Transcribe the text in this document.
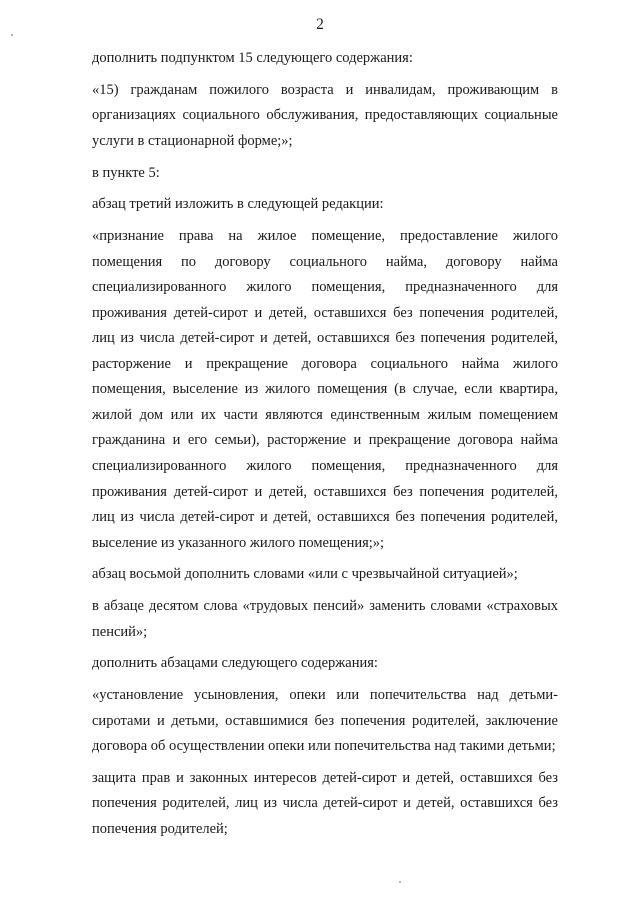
2

дополнить подпунктом 15 следующего содержания:

«15) гражданам пожилого возраста и инвалидам, проживающим в организациях социального обслуживания, предоставляющих социальные услуги в стационарной форме;»;

в пункте 5:

абзац третий изложить в следующей редакции:

«признание права на жилое помещение, предоставление жилого помещения по договору социального найма, договору найма специализированного жилого помещения, предназначенного для проживания детей-сирот и детей, оставшихся без попечения родителей, лиц из числа детей-сирот и детей, оставшихся без попечения родителей, расторжение и прекращение договора социального найма жилого помещения, выселение из жилого помещения (в случае, если квартира, жилой дом или их части являются единственным жилым помещением гражданина и его семьи), расторжение и прекращение договора найма специализированного жилого помещения, предназначенного для проживания детей-сирот и детей, оставшихся без попечения родителей, лиц из числа детей-сирот и детей, оставшихся без попечения родителей, выселение из указанного жилого помещения;»;

абзац восьмой дополнить словами «или с чрезвычайной ситуацией»;

в абзаце десятом слова «трудовых пенсий» заменить словами «страховых пенсий»;

дополнить абзацами следующего содержания:

«установление усыновления, опеки или попечительства над детьми-сиротами и детьми, оставшимися без попечения родителей, заключение договора об осуществлении опеки или попечительства над такими детьми;

защита прав и законных интересов детей-сирот и детей, оставшихся без попечения родителей, лиц из числа детей-сирот и детей, оставшихся без попечения родителей;
